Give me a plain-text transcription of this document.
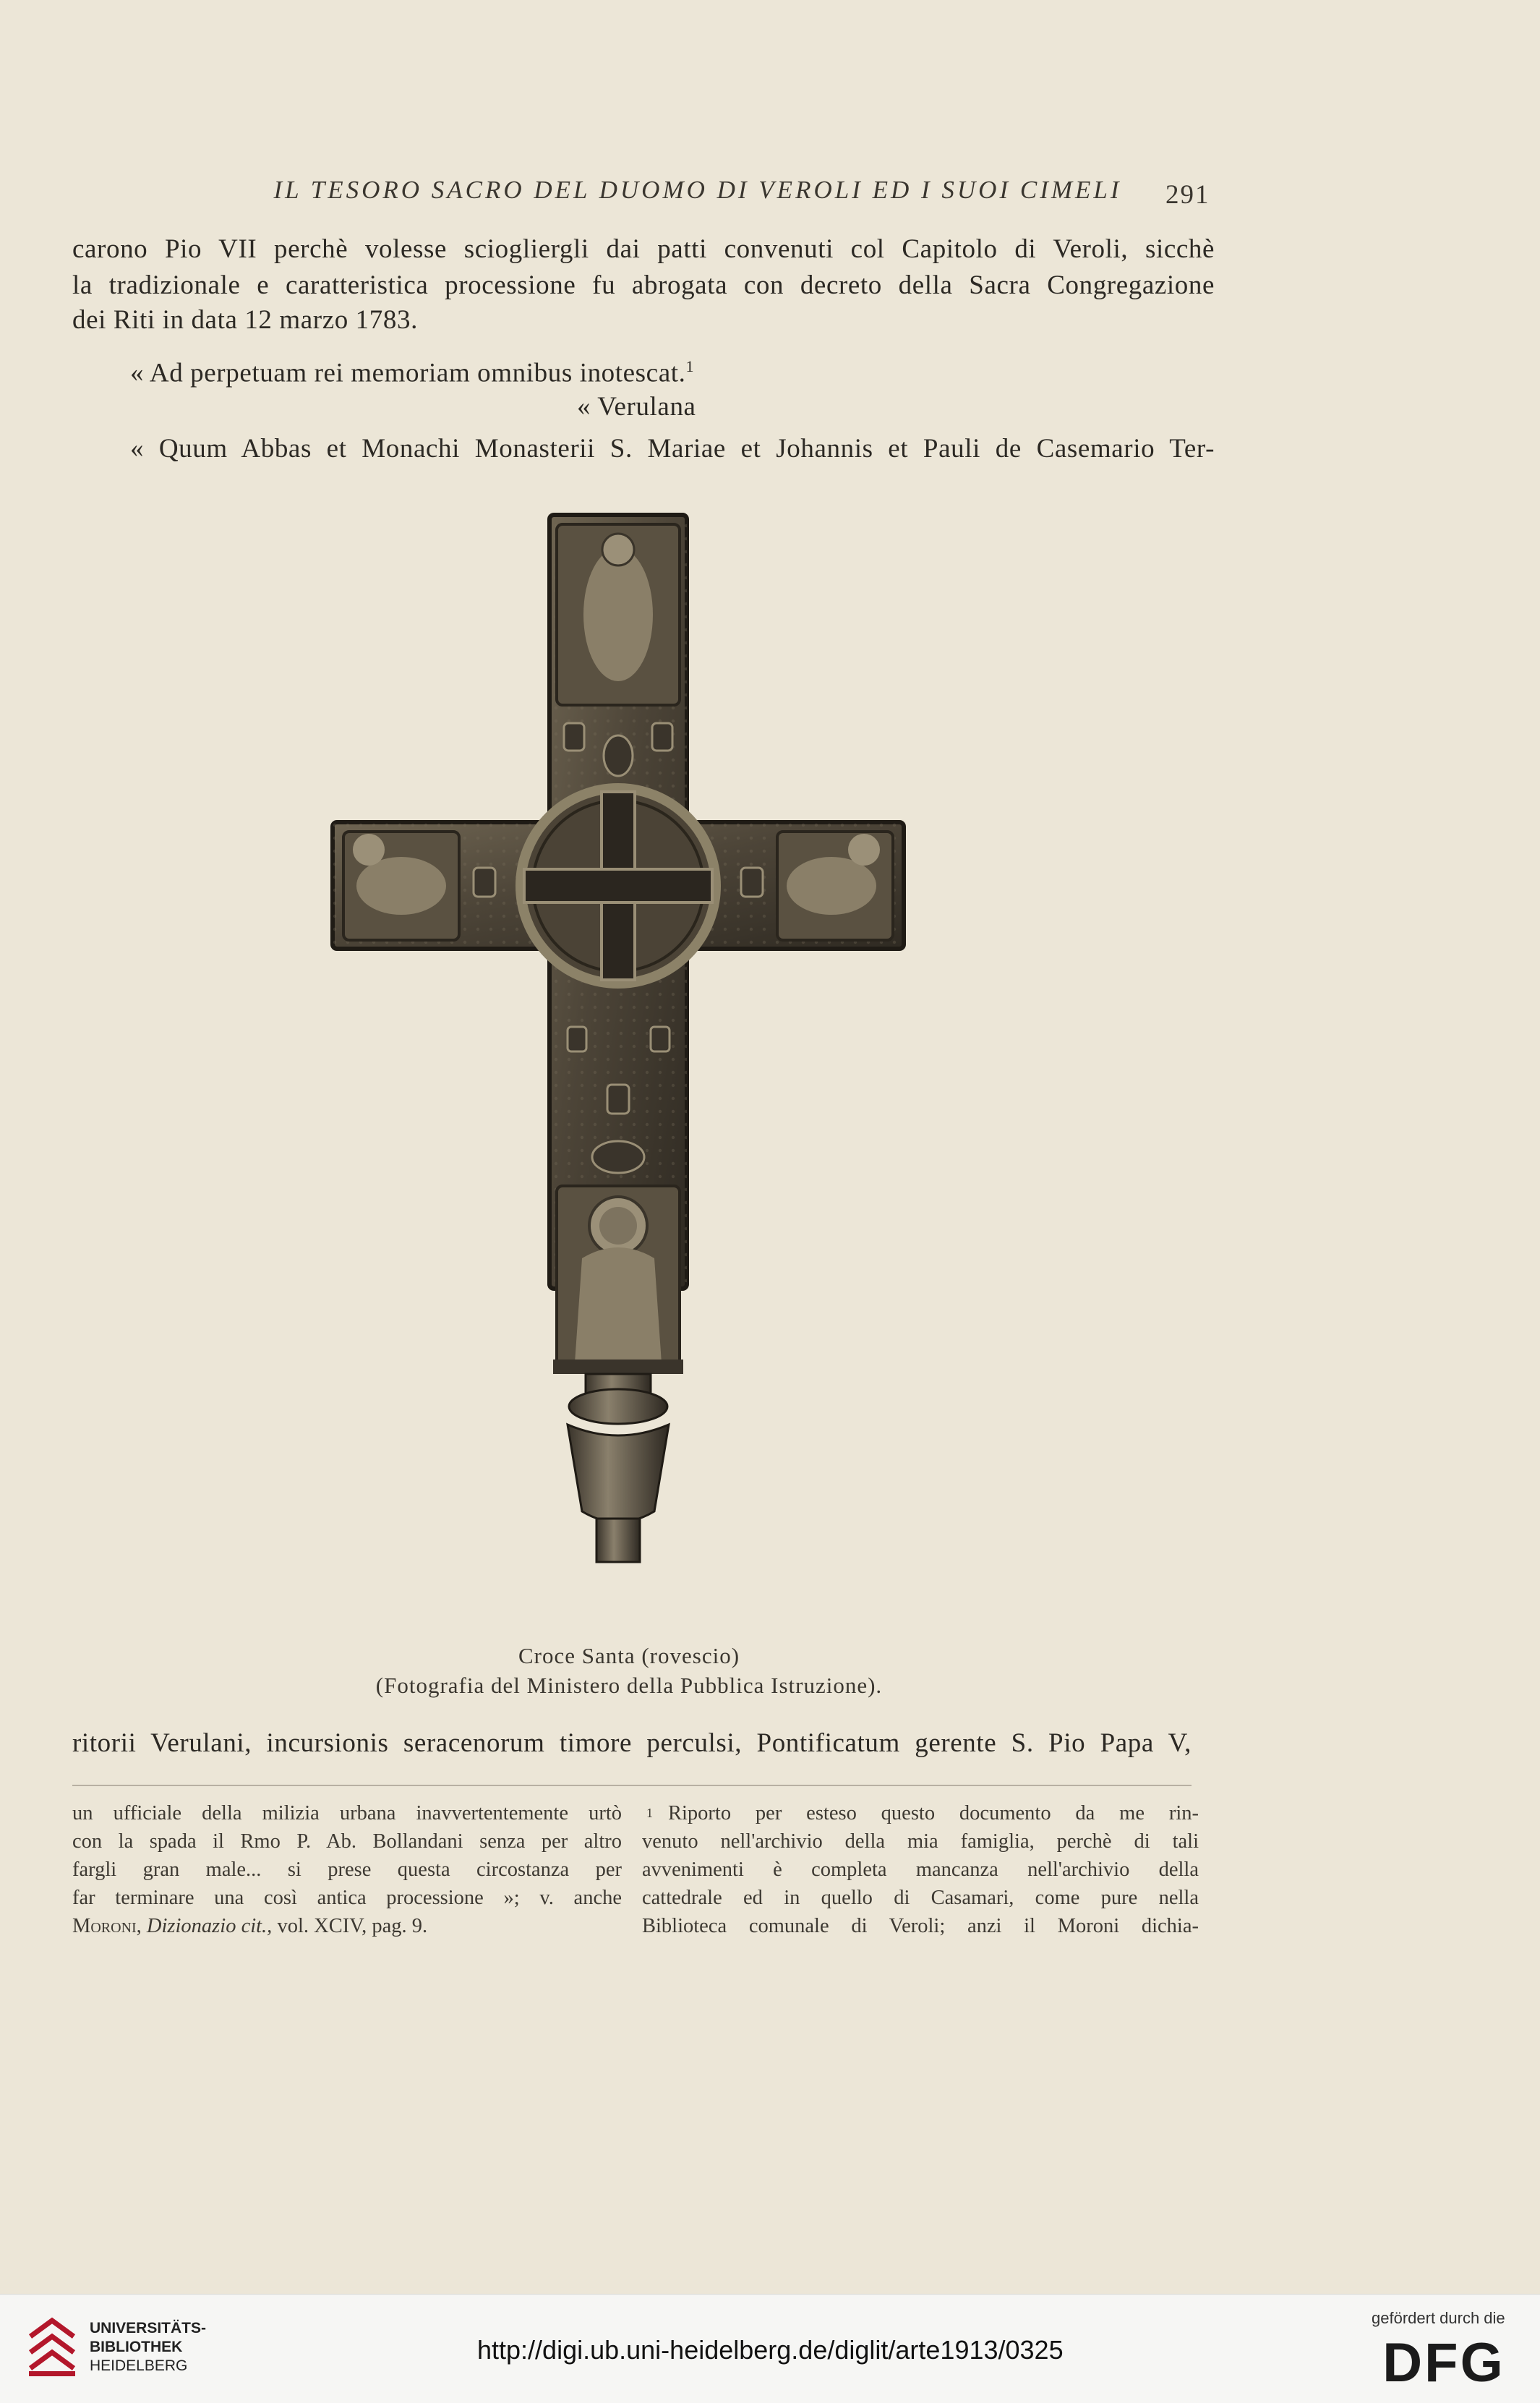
IL TESORO SACRO DEL DUOMO DI VEROLI ED I SUOI CIMELI	291
carono Pio VII perchè volesse sciogliergli dai patti convenuti col Capitolo di Veroli, sicchè
la tradizionale e caratteristica processione fu abrogata con decreto della Sacra Congregazione
dei Riti in data 12 marzo 1783.
« Ad perpetuam rei memoriam omnibus inotescat.$^1$
« Verulana
« Quum Abbas et Monachi Monasterii S. Mariae et Johannis et Pauli de Casemario Ter-
Croce Santa (rovescio)
(Fotografia del Ministero della Pubblica Istruzione).
ritorii Verulani, incursionis seracenorum timore perculsi, Pontificatum gerente S. Pio Papa V,
un ufficiale della milizia urbana inavvertentemente urtò
con la spada il Rmo P. Ab. Bollandani senza per altro
fargli gran male... si prese questa circostanza per
far terminare una così antica processione »; v. anche
Moroni, Dizionazio cit., vol. XCIV, pag. 9.
1 Riporto per esteso questo documento da me rin-
venuto nell'archivio della mia famiglia, perchè di tali
avvenimenti è completa mancanza nell'archivio della
cattedrale ed in quello di Casamari, come pure nella
Biblioteca comunale di Veroli; anzi il Moroni dichia-
UNIVERSITÄTS-
BIBLIOTHEK
HEIDELBERG
http://digi.ub.uni-heidelberg.de/diglit/arte1913/0325
gefördert durch die
DFG
